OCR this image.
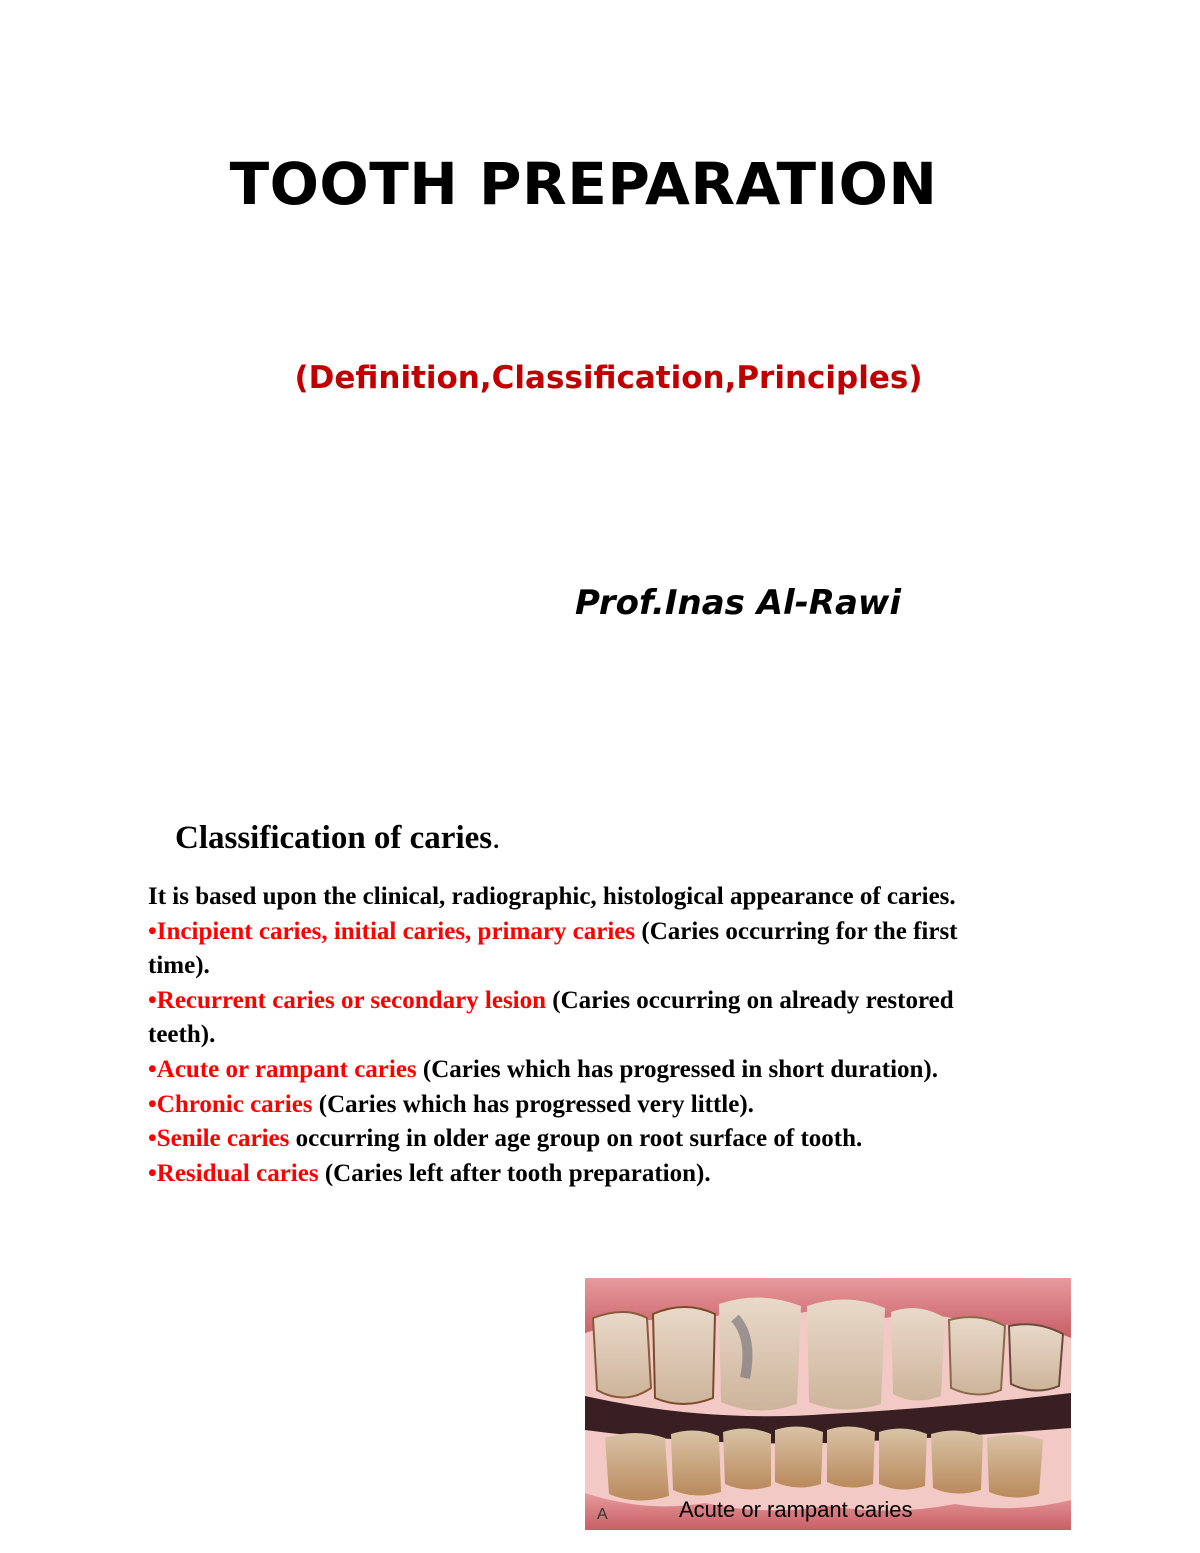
TOOTH PREPARATION
(Definition,Classification,Principles)
Prof.Inas Al-Rawi
Classification of caries.

It is based upon the clinical, radiographic, histological appearance of caries.

•Incipient caries, initial caries, primary caries (Caries occurring for the first time).

•Recurrent caries or secondary lesion (Caries occurring on already restored teeth).

•Acute or rampant caries (Caries which has progressed in short duration).

•Chronic caries (Caries which has progressed very little).

•Senile caries occurring in older age group on root surface of tooth.

•Residual caries (Caries left after tooth preparation).

A	Acute or rampant caries
